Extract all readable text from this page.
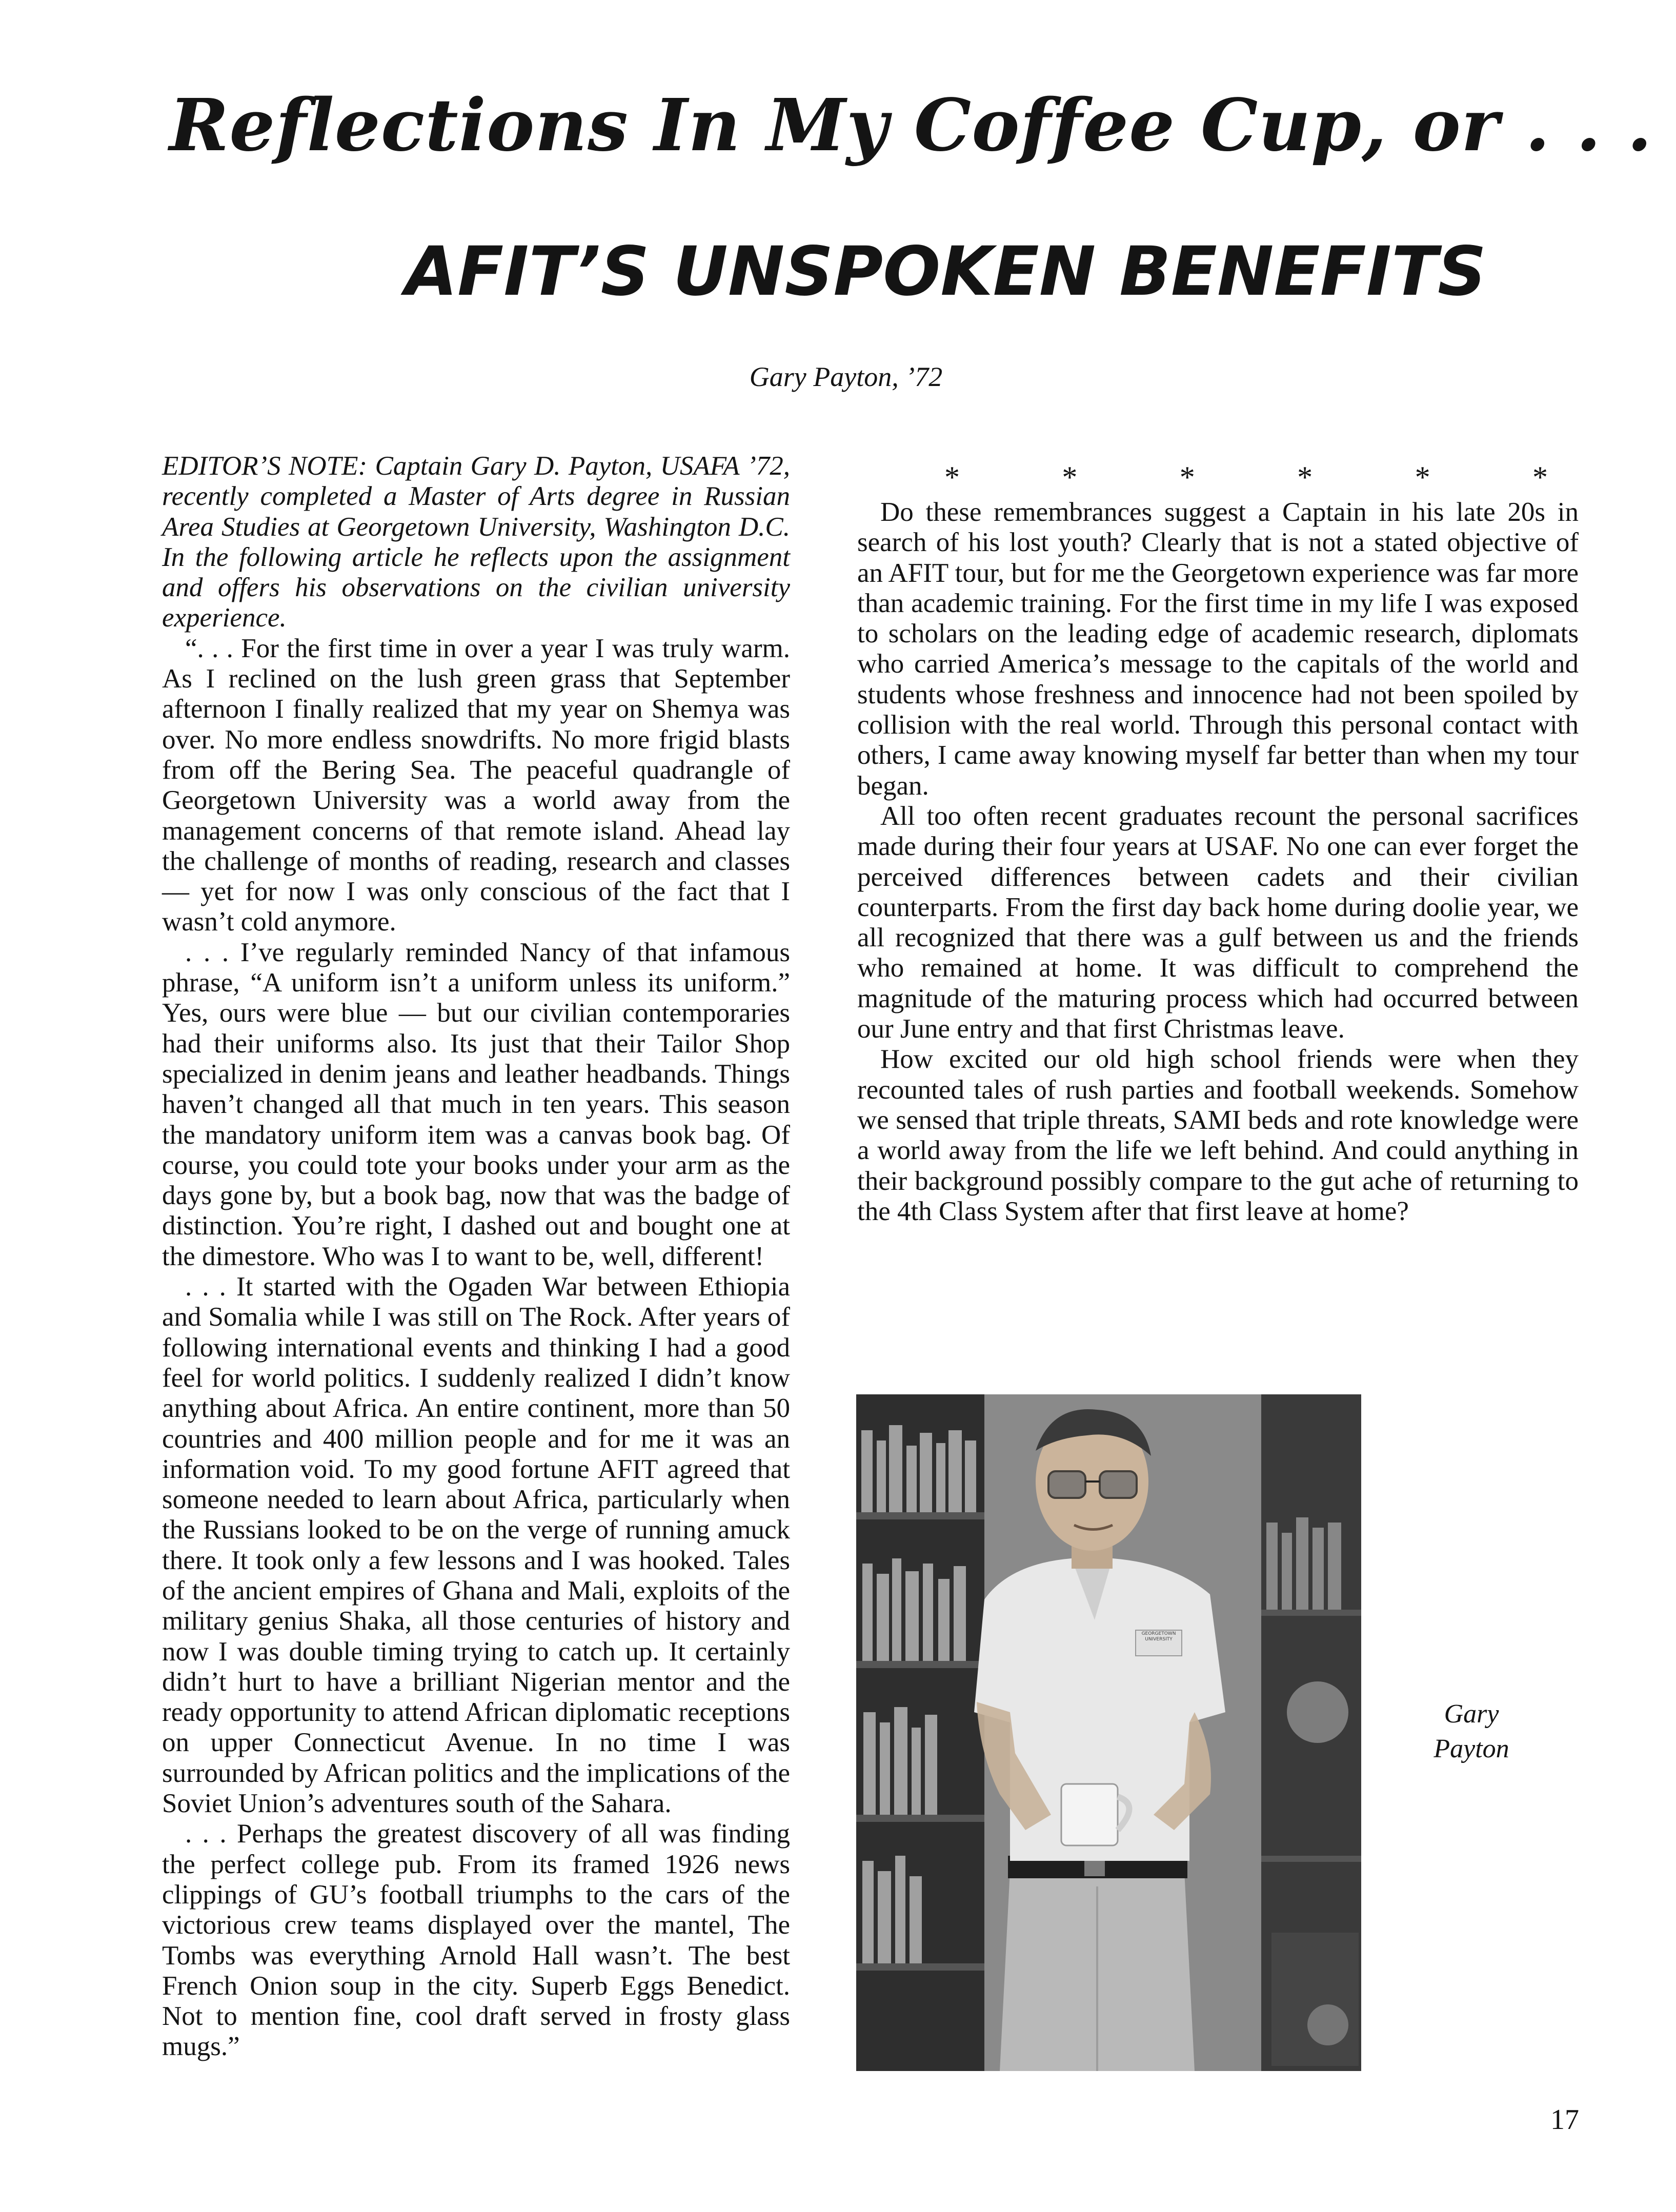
Reflections In My Coffee Cup, or . . .
AFIT’S UNSPOKEN BENEFITS

Gary Payton, ’72

EDITOR’S NOTE: Captain Gary D. Payton, USAFA ’72, recently completed a Master of Arts degree in Russian Area Studies at Georgetown University, Washington D.C. In the following article he reflects upon the assignment and offers his observations on the civilian university experience.

“. . . For the first time in over a year I was truly warm. As I reclined on the lush green grass that September afternoon I finally realized that my year on Shemya was over. No more endless snowdrifts. No more frigid blasts from off the Bering Sea. The peaceful quadrangle of Georgetown University was a world away from the management concerns of that remote island. Ahead lay the challenge of months of reading, research and classes — yet for now I was only conscious of the fact that I wasn’t cold anymore.

. . . I’ve regularly reminded Nancy of that infamous phrase, “A uniform isn’t a uniform unless its uniform.” Yes, ours were blue — but our civilian contemporaries had their uniforms also. Its just that their Tailor Shop specialized in denim jeans and leather headbands. Things haven’t changed all that much in ten years. This season the mandatory uniform item was a canvas book bag. Of course, you could tote your books under your arm as the days gone by, but a book bag, now that was the badge of distinction. You’re right, I dashed out and bought one at the dimestore. Who was I to want to be, well, different!

. . . It started with the Ogaden War between Ethiopia and Somalia while I was still on The Rock. After years of following international events and thinking I had a good feel for world politics. I suddenly realized I didn’t know anything about Africa. An entire continent, more than 50 countries and 400 million people and for me it was an information void. To my good fortune AFIT agreed that someone needed to learn about Africa, particularly when the Russians looked to be on the verge of running amuck there. It took only a few lessons and I was hooked. Tales of the ancient empires of Ghana and Mali, exploits of the military genius Shaka, all those centuries of history and now I was double timing trying to catch up. It certainly didn’t hurt to have a brilliant Nigerian mentor and the ready opportunity to attend African diplomatic receptions on upper Connecticut Avenue. In no time I was surrounded by African politics and the implications of the Soviet Union’s adventures south of the Sahara.

. . . Perhaps the greatest discovery of all was finding the perfect college pub. From its framed 1926 news clippings of GU’s football triumphs to the cars of the victorious crew teams displayed over the mantel, The Tombs was everything Arnold Hall wasn’t. The best French Onion soup in the city. Superb Eggs Benedict. Not to mention fine, cool draft served in frosty glass mugs.”

*	*	*	*	*	*

Do these remembrances suggest a Captain in his late 20s in search of his lost youth? Clearly that is not a stated objective of an AFIT tour, but for me the Georgetown experience was far more than academic training. For the first time in my life I was exposed to scholars on the leading edge of academic research, diplomats who carried America’s message to the capitals of the world and students whose freshness and innocence had not been spoiled by collision with the real world. Through this personal contact with others, I came away knowing myself far better than when my tour began.

All too often recent graduates recount the personal sacrifices made during their four years at USAF. No one can ever forget the perceived differences between cadets and their civilian counterparts. From the first day back home during doolie year, we all recognized that there was a gulf between us and the friends who remained at home. It was difficult to comprehend the magnitude of the maturing process which had occurred between our June entry and that first Christmas leave.

How excited our old high school friends were when they recounted tales of rush parties and football weekends. Somehow we sensed that triple threats, SAMI beds and rote knowledge were a world away from the life we left behind. And could anything in their background possibly compare to the gut ache of returning to the 4th Class System after that first leave at home?

GEORGETOWN UNIVERSITY
Gary
Payton
17
